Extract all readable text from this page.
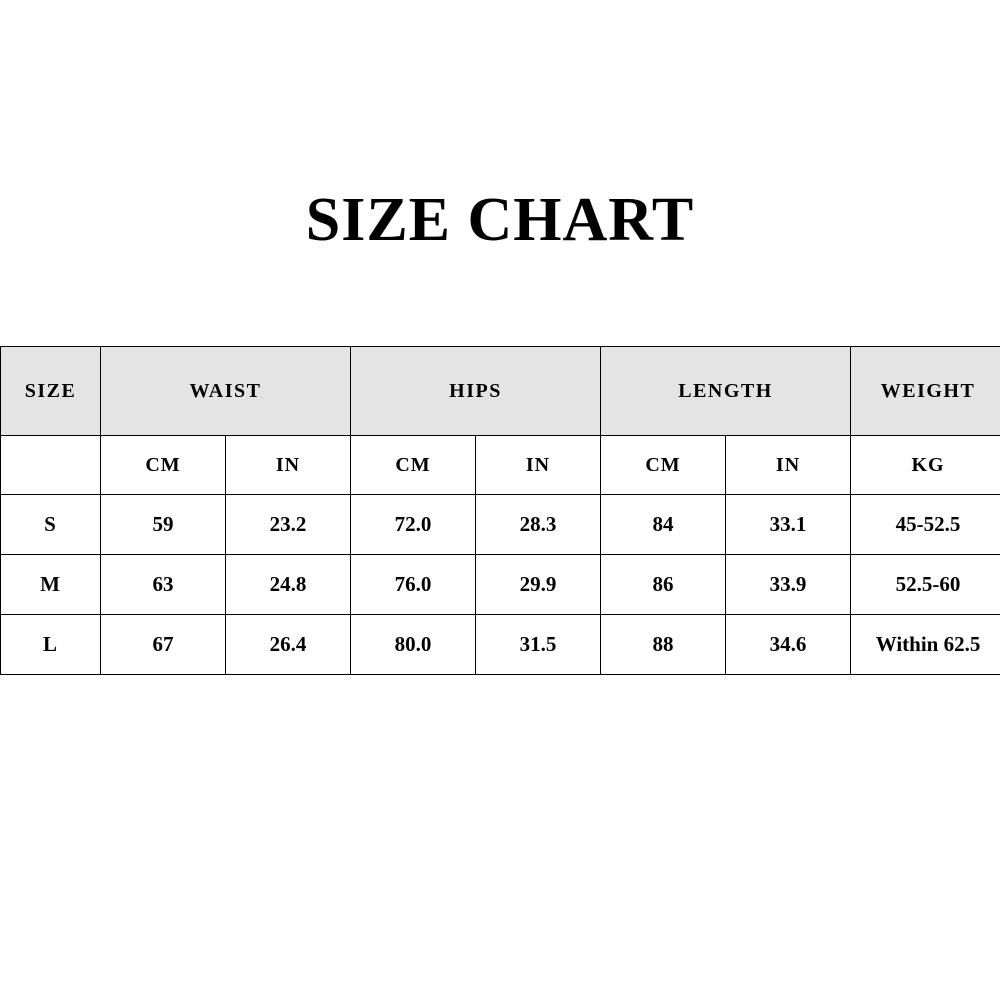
SIZE CHART
SIZE	WAIST		HIPS		LENGTH		WEIGHT
	CM	IN	CM	IN	CM	IN	KG
S	59	23.2	72.0	28.3	84	33.1	45-52.5
M	63	24.8	76.0	29.9	86	33.9	52.5-60
L	67	26.4	80.0	31.5	88	34.6	Within 62.5
